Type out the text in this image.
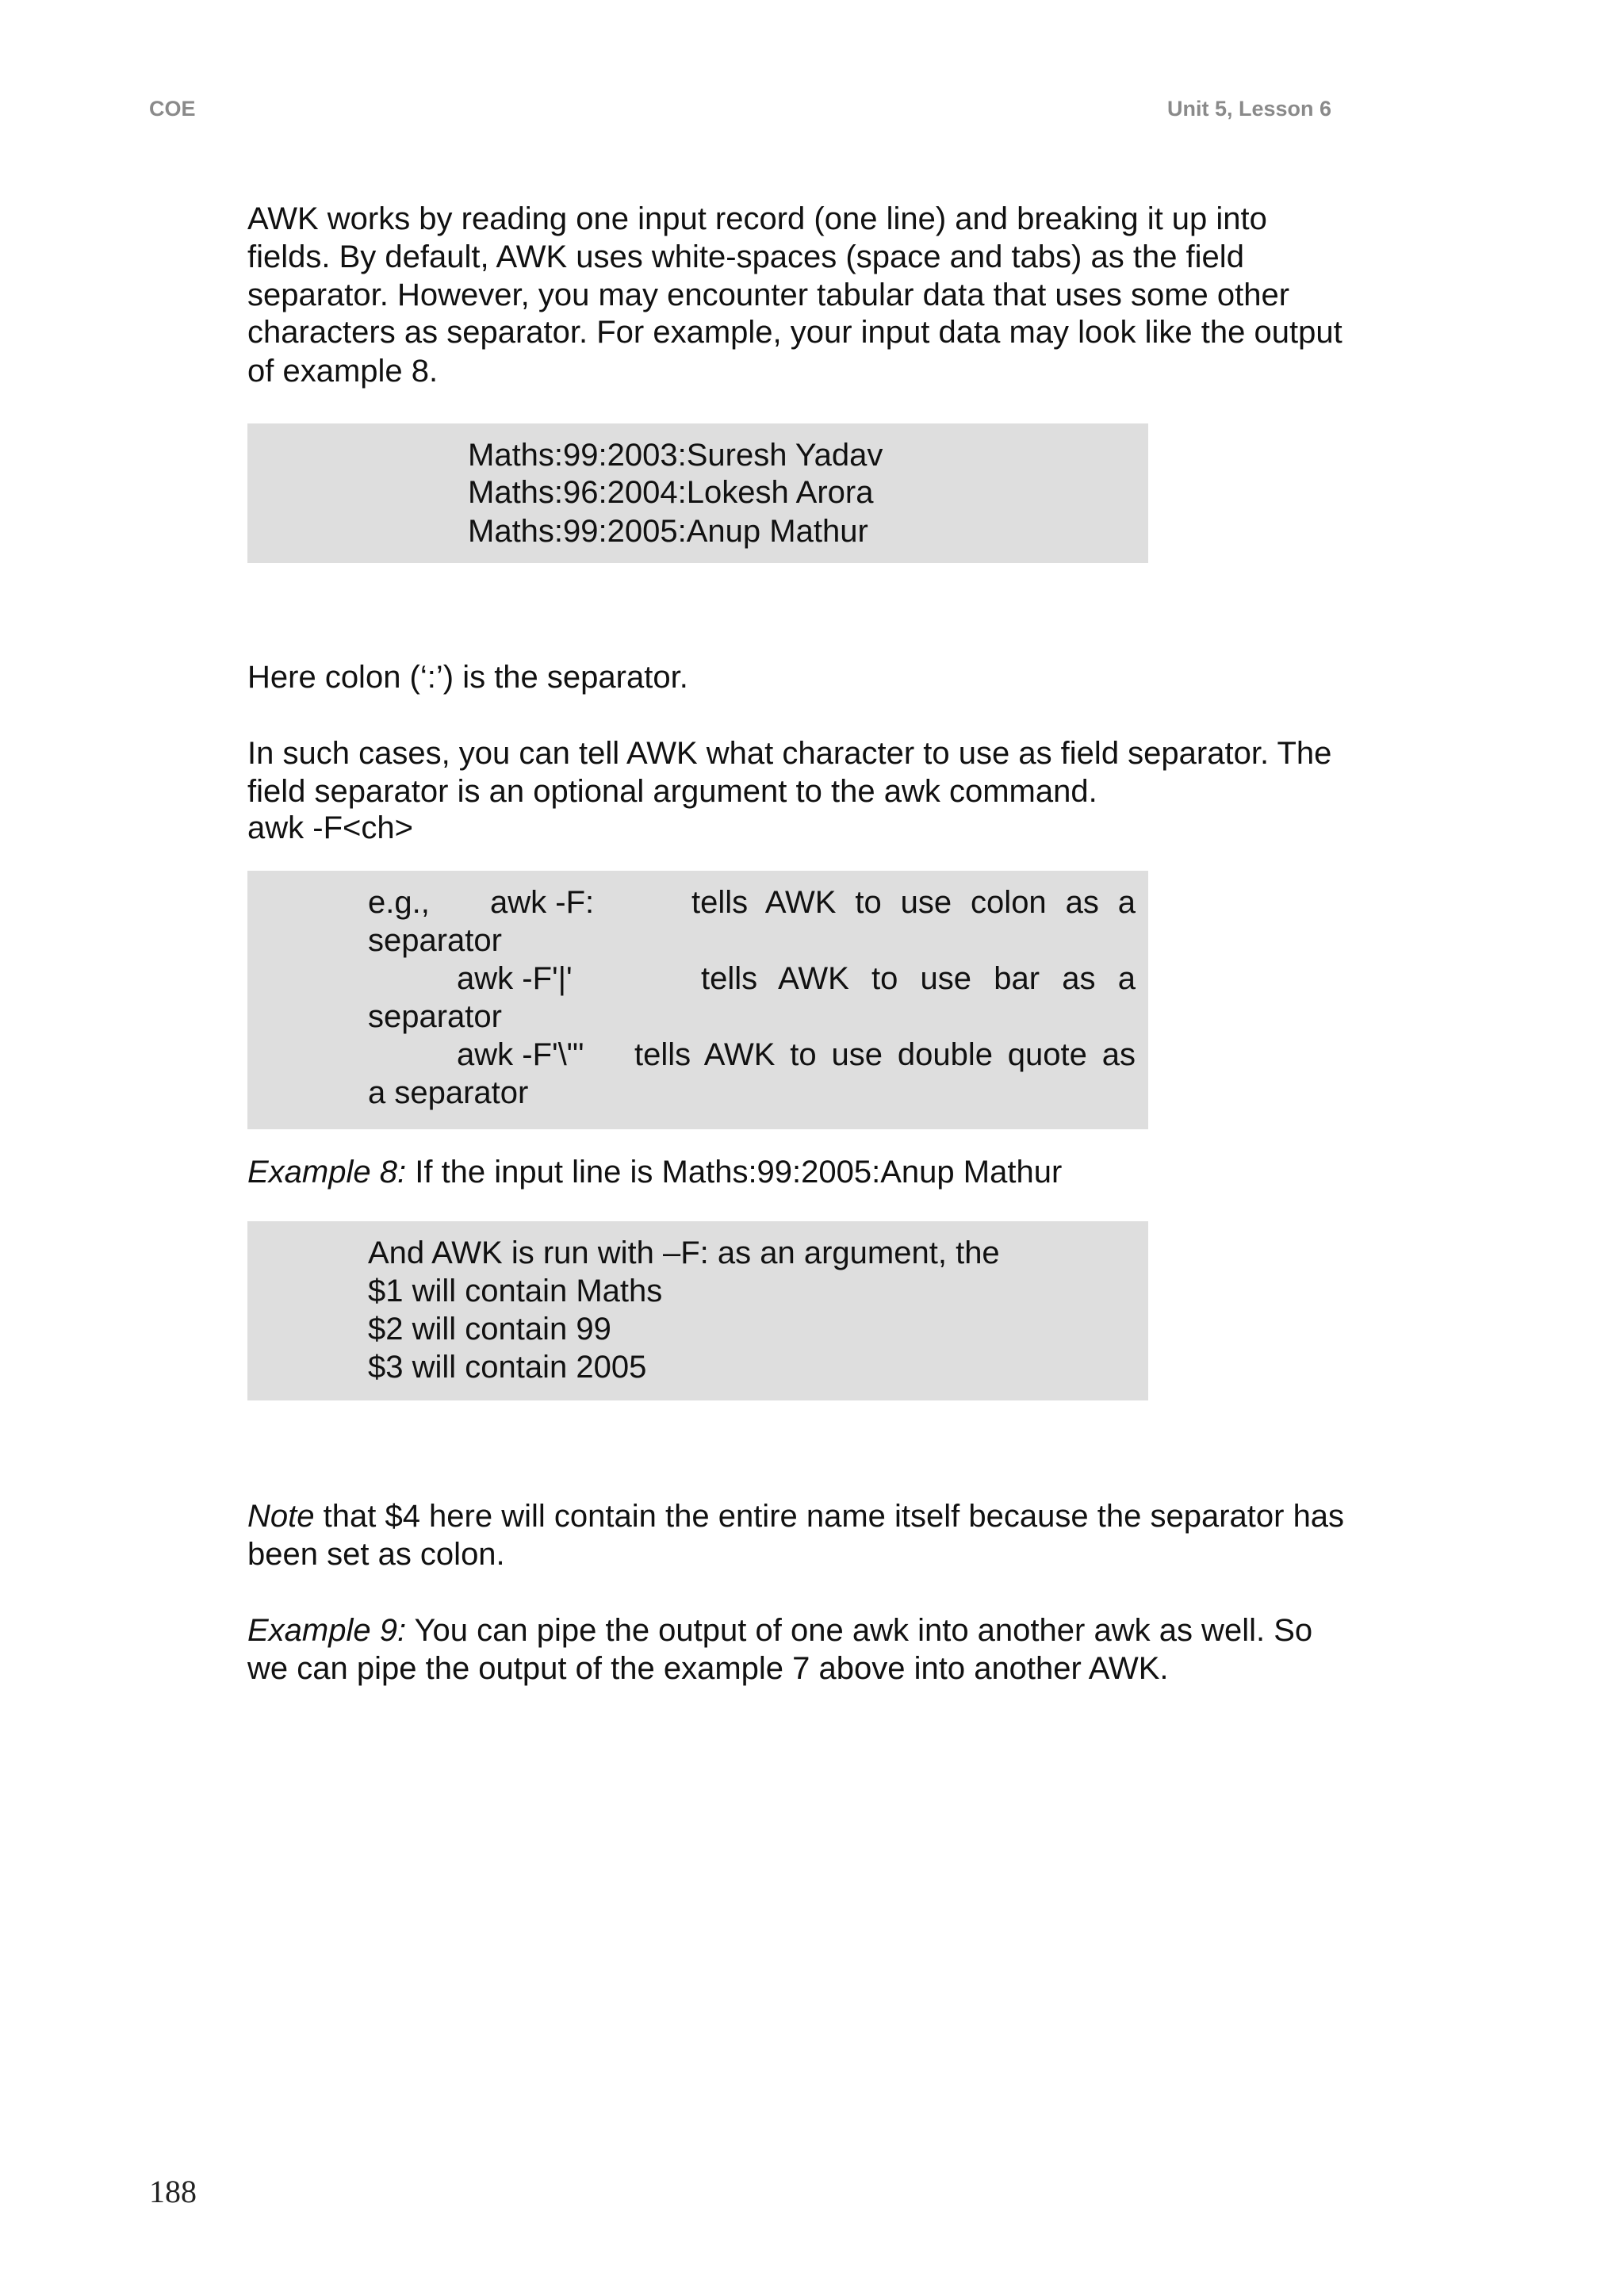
COE	Unit 5, Lesson 6
AWK works by reading one input record (one line) and breaking it up into
fields. By default, AWK uses white-spaces (space and tabs) as the field
separator. However, you may encounter tabular data that uses some other
characters as separator. For example, your input data may look like the output
of example 8.
Maths:99:2003:Suresh Yadav
Maths:96:2004:Lokesh Arora
Maths:99:2005:Anup Mathur
Here colon (‘:’) is the separator.
In such cases, you can tell AWK what character to use as field separator. The
field separator is an optional argument to the awk command.
awk -F<ch>
e.g., awk -F:	tells AWK to use colon as a
separator
awk -F'|'	tells AWK to use bar as a
separator
awk -F'\"' tells AWK to use double quote as
a separator
Example 8: If the input line is Maths:99:2005:Anup Mathur
And AWK is run with –F: as an argument, the
$1 will contain Maths
$2 will contain 99
$3 will contain 2005
Note that $4 here will contain the entire name itself because the separator has
been set as colon.
Example 9: You can pipe the output of one awk into another awk as well. So
we can pipe the output of the example 7 above into another AWK.
188
